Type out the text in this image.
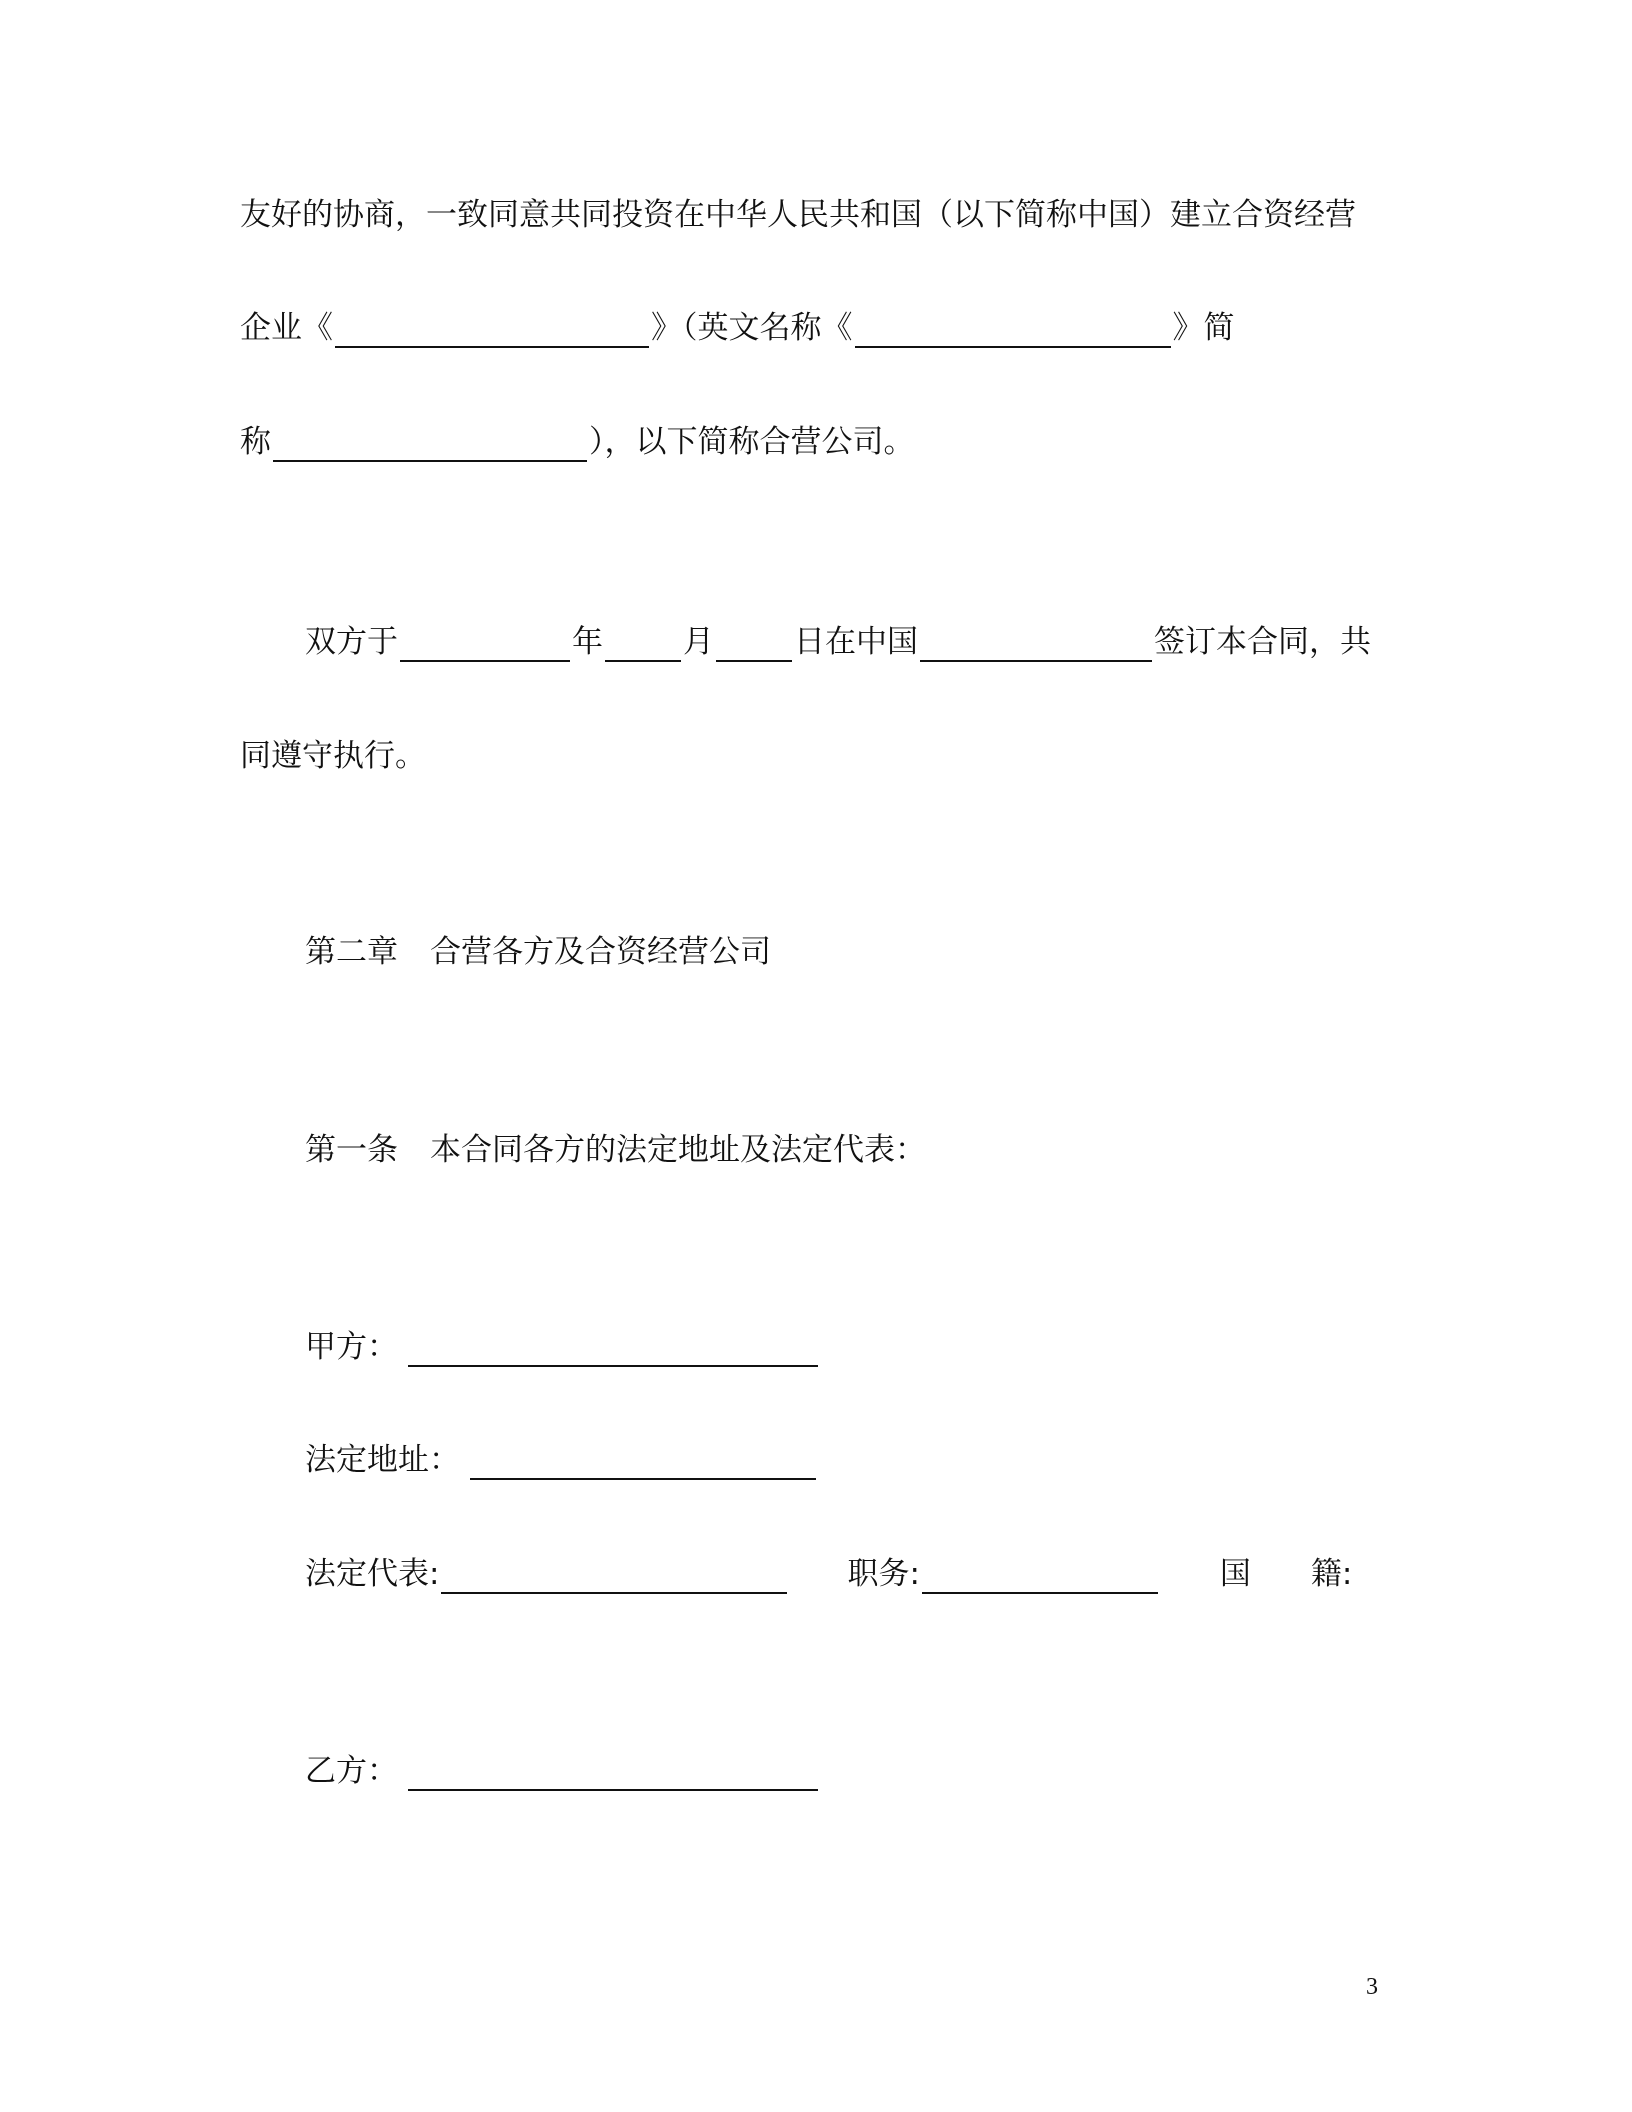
友好的协商，一致同意共同投资在中华人民共和国（以下简称中国）建立合资经营
企业《	》（英文名称《	》简
称	），以下简称合营公司。
双方于	年	月	日在中国	签订本合同，共
同遵守执行。
第二章 合营各方及合资经营公司
第一条 本合同各方的法定地址及法定代表：
甲方：
法定地址：
法定代表:	职务:	国 籍:
乙方：
3
